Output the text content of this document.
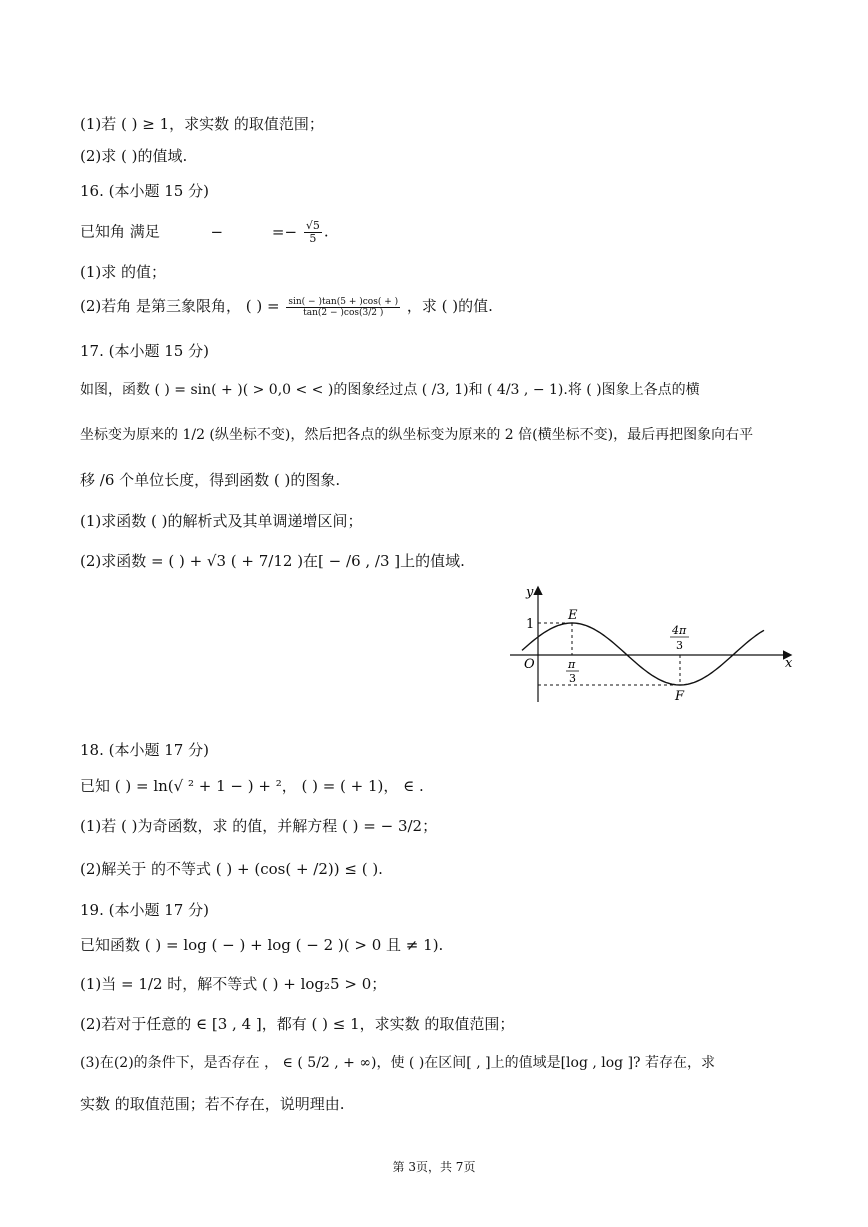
(1)若 ( ) ≥ 1，求实数 的取值范围；
(2)求 ( )的值域.
16. (本小题 15 分)
已知角 满足	−	=− $\frac{√5}{5}$ .
(1)求 的值；
(2)若角 是第三象限角， ( ) = $\frac{\sin( - )\tan(5 + )\cos( + )}{\tan(2 - )\cos(3/2 )}$ ，求 ( )的值.
17. (本小题 15 分)
如图，函数 ( ) = sin( + )( > 0,0 < < )的图象经过点 ( /3, 1)和 ( 4/3 , − 1).将 ( )图象上各点的横
坐标变为原来的 1/2 (纵坐标不变)，然后把各点的纵坐标变为原来的 2 倍(横坐标不变)，最后再把图象向右平
移 /6 个单位长度，得到函数 ( )的图象.
(1)求函数 ( )的解析式及其单调递增区间；
(2)求函数 = ( ) + √3 ( + 7/12 )在[ − /6 , /3 ]上的值域.
y
x
O
1
E
F
π
3
4π
3
18. (本小题 17 分)
已知 ( ) = ln(√ ² + 1 − ) + ²， ( ) = ( + 1)， ∈ .
(1)若 ( )为奇函数，求 的值，并解方程 ( ) = − 3/2；
(2)解关于 的不等式 ( ) + (cos( + /2)) ≤ ( ).
19. (本小题 17 分)
已知函数 ( ) = log ( − ) + log ( − 2 )( > 0 且 ≠ 1).
(1)当 = 1/2 时，解不等式 ( ) + log₂5 > 0；
(2)若对于任意的 ∈ [3 , 4 ]，都有 ( ) ≤ 1，求实数 的取值范围；
(3)在(2)的条件下，是否存在 ， ∈ ( 5/2 , + ∞)，使 ( )在区间[ , ]上的值域是[log , log ]? 若存在，求
实数 的取值范围；若不存在，说明理由.
第 3页，共 7页
